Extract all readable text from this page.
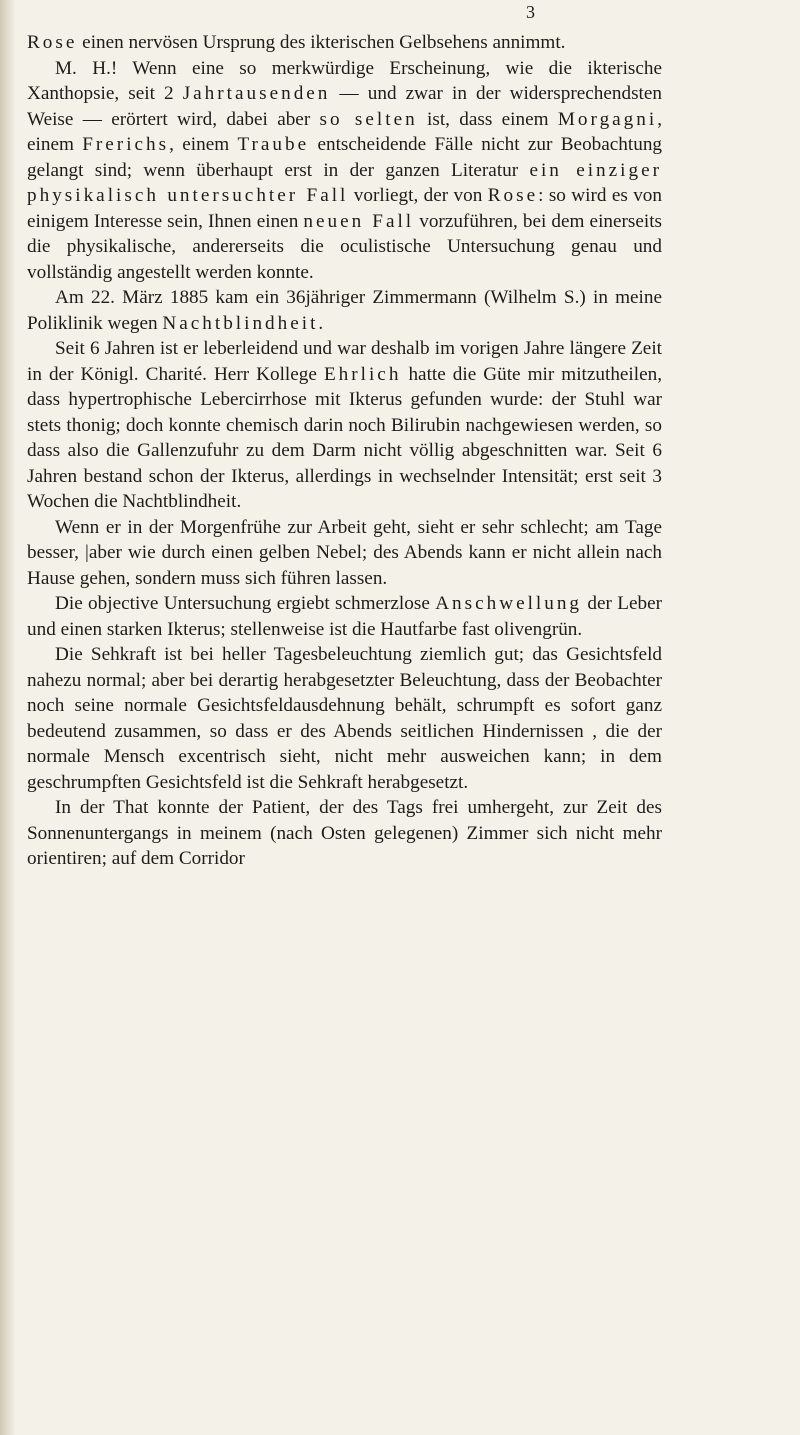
3

Rose einen nervösen Ursprung des ikterischen Gelbsehens annimmt.

M. H.! Wenn eine so merkwürdige Erscheinung, wie die ikterische Xanthopsie, seit 2 Jahrtausenden — und zwar in der widersprechendsten Weise — erörtert wird, dabei aber so selten ist, dass einem Morgagni, einem Frerichs, einem Traube entscheidende Fälle nicht zur Beobachtung gelangt sind; wenn überhaupt erst in der ganzen Literatur ein einziger physikalisch untersuchter Fall vorliegt, der von Rose: so wird es von einigem Interesse sein, Ihnen einen neuen Fall vorzuführen, bei dem einerseits die physikalische, andererseits die oculistische Untersuchung genau und vollständig angestellt werden konnte.

Am 22. März 1885 kam ein 36jähriger Zimmermann (Wilhelm S.) in meine Poliklinik wegen Nachtblindheit.

Seit 6 Jahren ist er leberleidend und war deshalb im vorigen Jahre längere Zeit in der Königl. Charité. Herr Kollege Ehrlich hatte die Güte mir mitzutheilen, dass hypertrophische Lebercirrhose mit Ikterus gefunden wurde: der Stuhl war stets thonig; doch konnte chemisch darin noch Bilirubin nachgewiesen werden, so dass also die Gallenzufuhr zu dem Darm nicht völlig abgeschnitten war. Seit 6 Jahren bestand schon der Ikterus, allerdings in wechselnder Intensität; erst seit 3 Wochen die Nachtblindheit.

Wenn er in der Morgenfrühe zur Arbeit geht, sieht er sehr schlecht; am Tage besser, |aber wie durch einen gelben Nebel; des Abends kann er nicht allein nach Hause gehen, sondern muss sich führen lassen.

Die objective Untersuchung ergiebt schmerzlose Anschwellung der Leber und einen starken Ikterus; stellenweise ist die Hautfarbe fast olivengrün.

Die Sehkraft ist bei heller Tagesbeleuchtung ziemlich gut; das Gesichtsfeld nahezu normal; aber bei derartig herabgesetzter Beleuchtung, dass der Beobachter noch seine normale Gesichtsfeldausdehnung behält, schrumpft es sofort ganz bedeutend zusammen, so dass er des Abends seitlichen Hindernissen , die der normale Mensch excentrisch sieht, nicht mehr ausweichen kann; in dem geschrumpften Gesichtsfeld ist die Sehkraft herabgesetzt.

In der That konnte der Patient, der des Tags frei umhergeht, zur Zeit des Sonnenuntergangs in meinem (nach Osten gelegenen) Zimmer sich nicht mehr orientiren; auf dem Corridor
